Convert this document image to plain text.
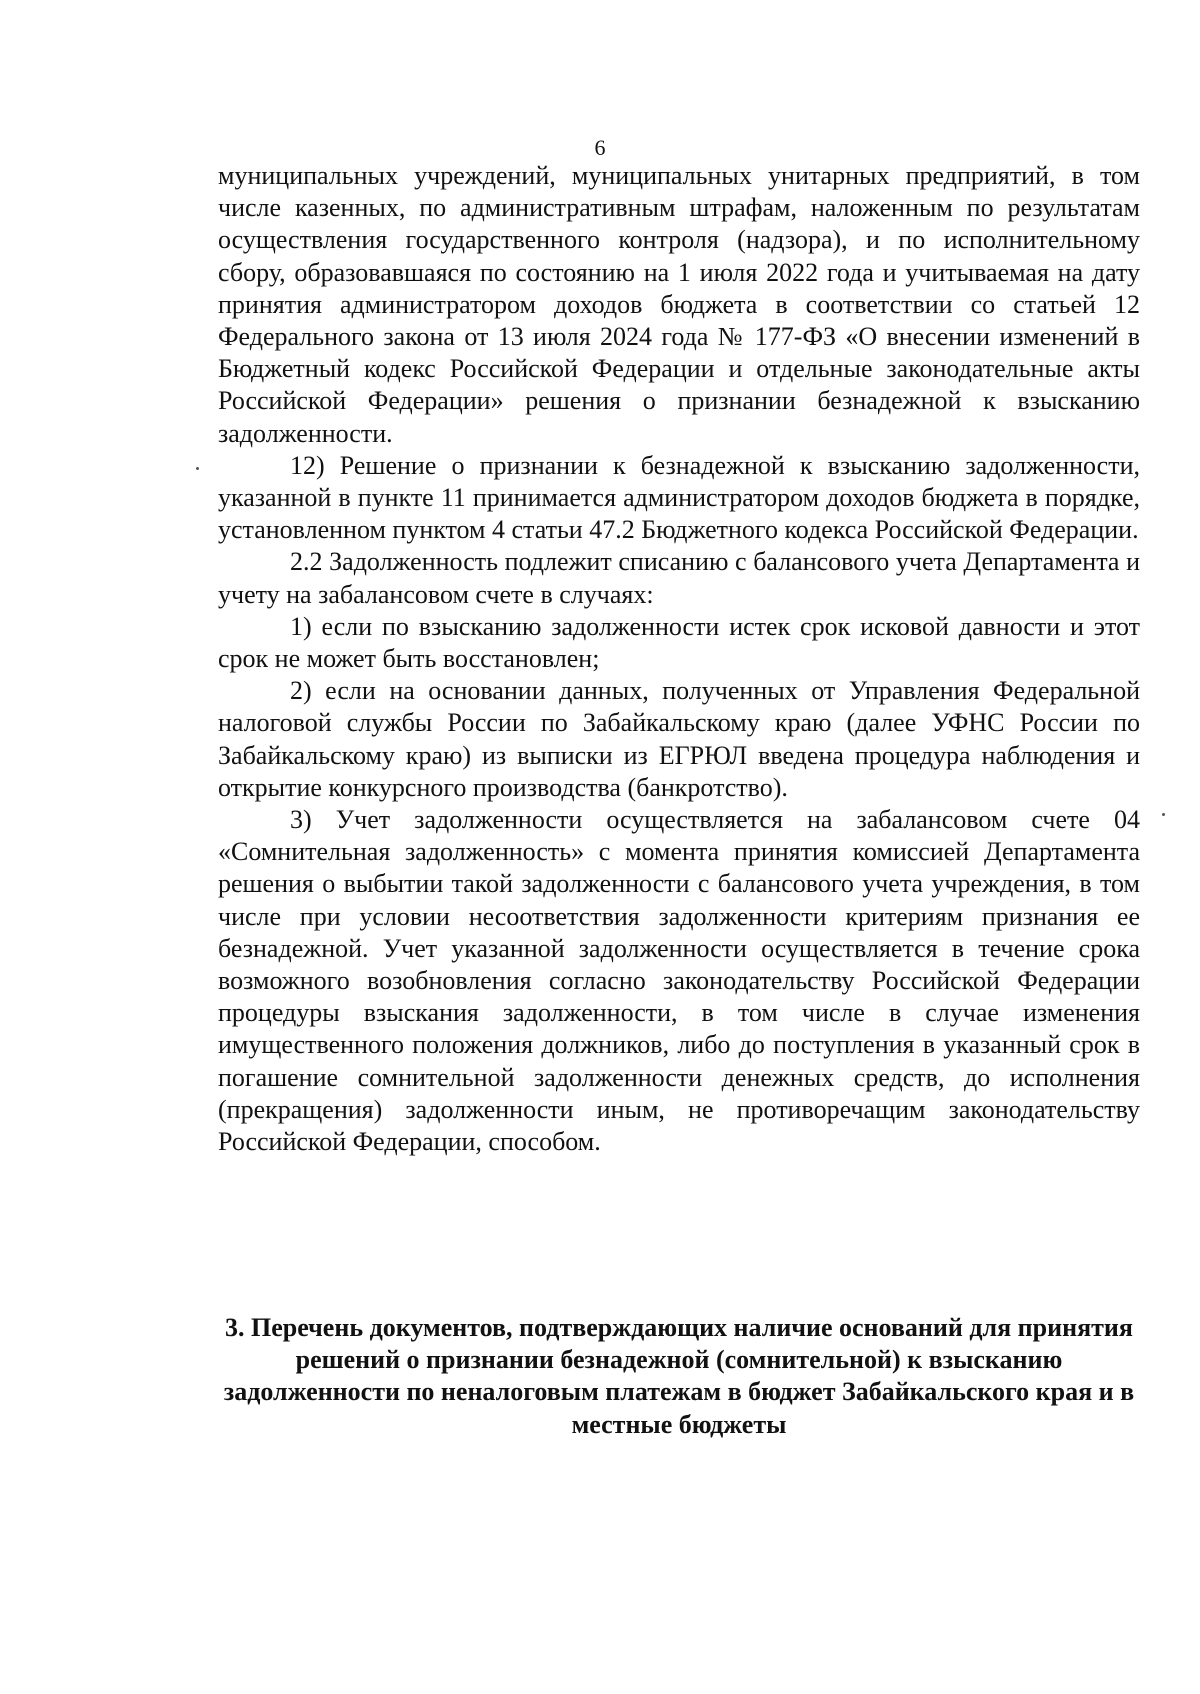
6

муниципальных учреждений, муниципальных унитарных предприятий, в том числе казенных, по административным штрафам, наложенным по результатам осуществления государственного контроля (надзора), и по исполнительному сбору, образовавшаяся по состоянию на 1 июля 2022 года и учитываемая на дату принятия администратором доходов бюджета в соответствии со статьей 12 Федерального закона от 13 июля 2024 года № 177-ФЗ «О внесении изменений в Бюджетный кодекс Российской Федерации и отдельные законодательные акты Российской Федерации» решения о признании безнадежной к взысканию задолженности.

12) Решение о признании к безнадежной к взысканию задолженности, указанной в пункте 11 принимается администратором доходов бюджета в порядке, установленном пунктом 4 статьи 47.2 Бюджетного кодекса Российской Федерации.

2.2 Задолженность подлежит списанию с балансового учета Департамента и учету на забалансовом счете в случаях:

1) если по взысканию задолженности истек срок исковой давности и этот срок не может быть восстановлен;

2) если на основании данных, полученных от Управления Федеральной налоговой службы России по Забайкальскому краю (далее УФНС России по Забайкальскому краю) из выписки из ЕГРЮЛ введена процедура наблюдения и открытие конкурсного производства (банкротство).

3) Учет задолженности осуществляется на забалансовом счете 04 «Сомнительная задолженность» с момента принятия комиссией Департамента решения о выбытии такой задолженности с балансового учета учреждения, в том числе при условии несоответствия задолженности критериям признания ее безнадежной. Учет указанной задолженности осуществляется в течение срока возможного возобновления согласно законодательству Российской Федерации процедуры взыскания задолженности, в том числе в случае изменения имущественного положения должников, либо до поступления в указанный срок в погашение сомнительной задолженности денежных средств, до исполнения (прекращения) задолженности иным, не противоречащим законодательству Российской Федерации, способом.

3. Перечень документов, подтверждающих наличие оснований для принятия решений о признании безнадежной (сомнительной) к взысканию задолженности по неналоговым платежам в бюджет Забайкальского края и в местные бюджеты
